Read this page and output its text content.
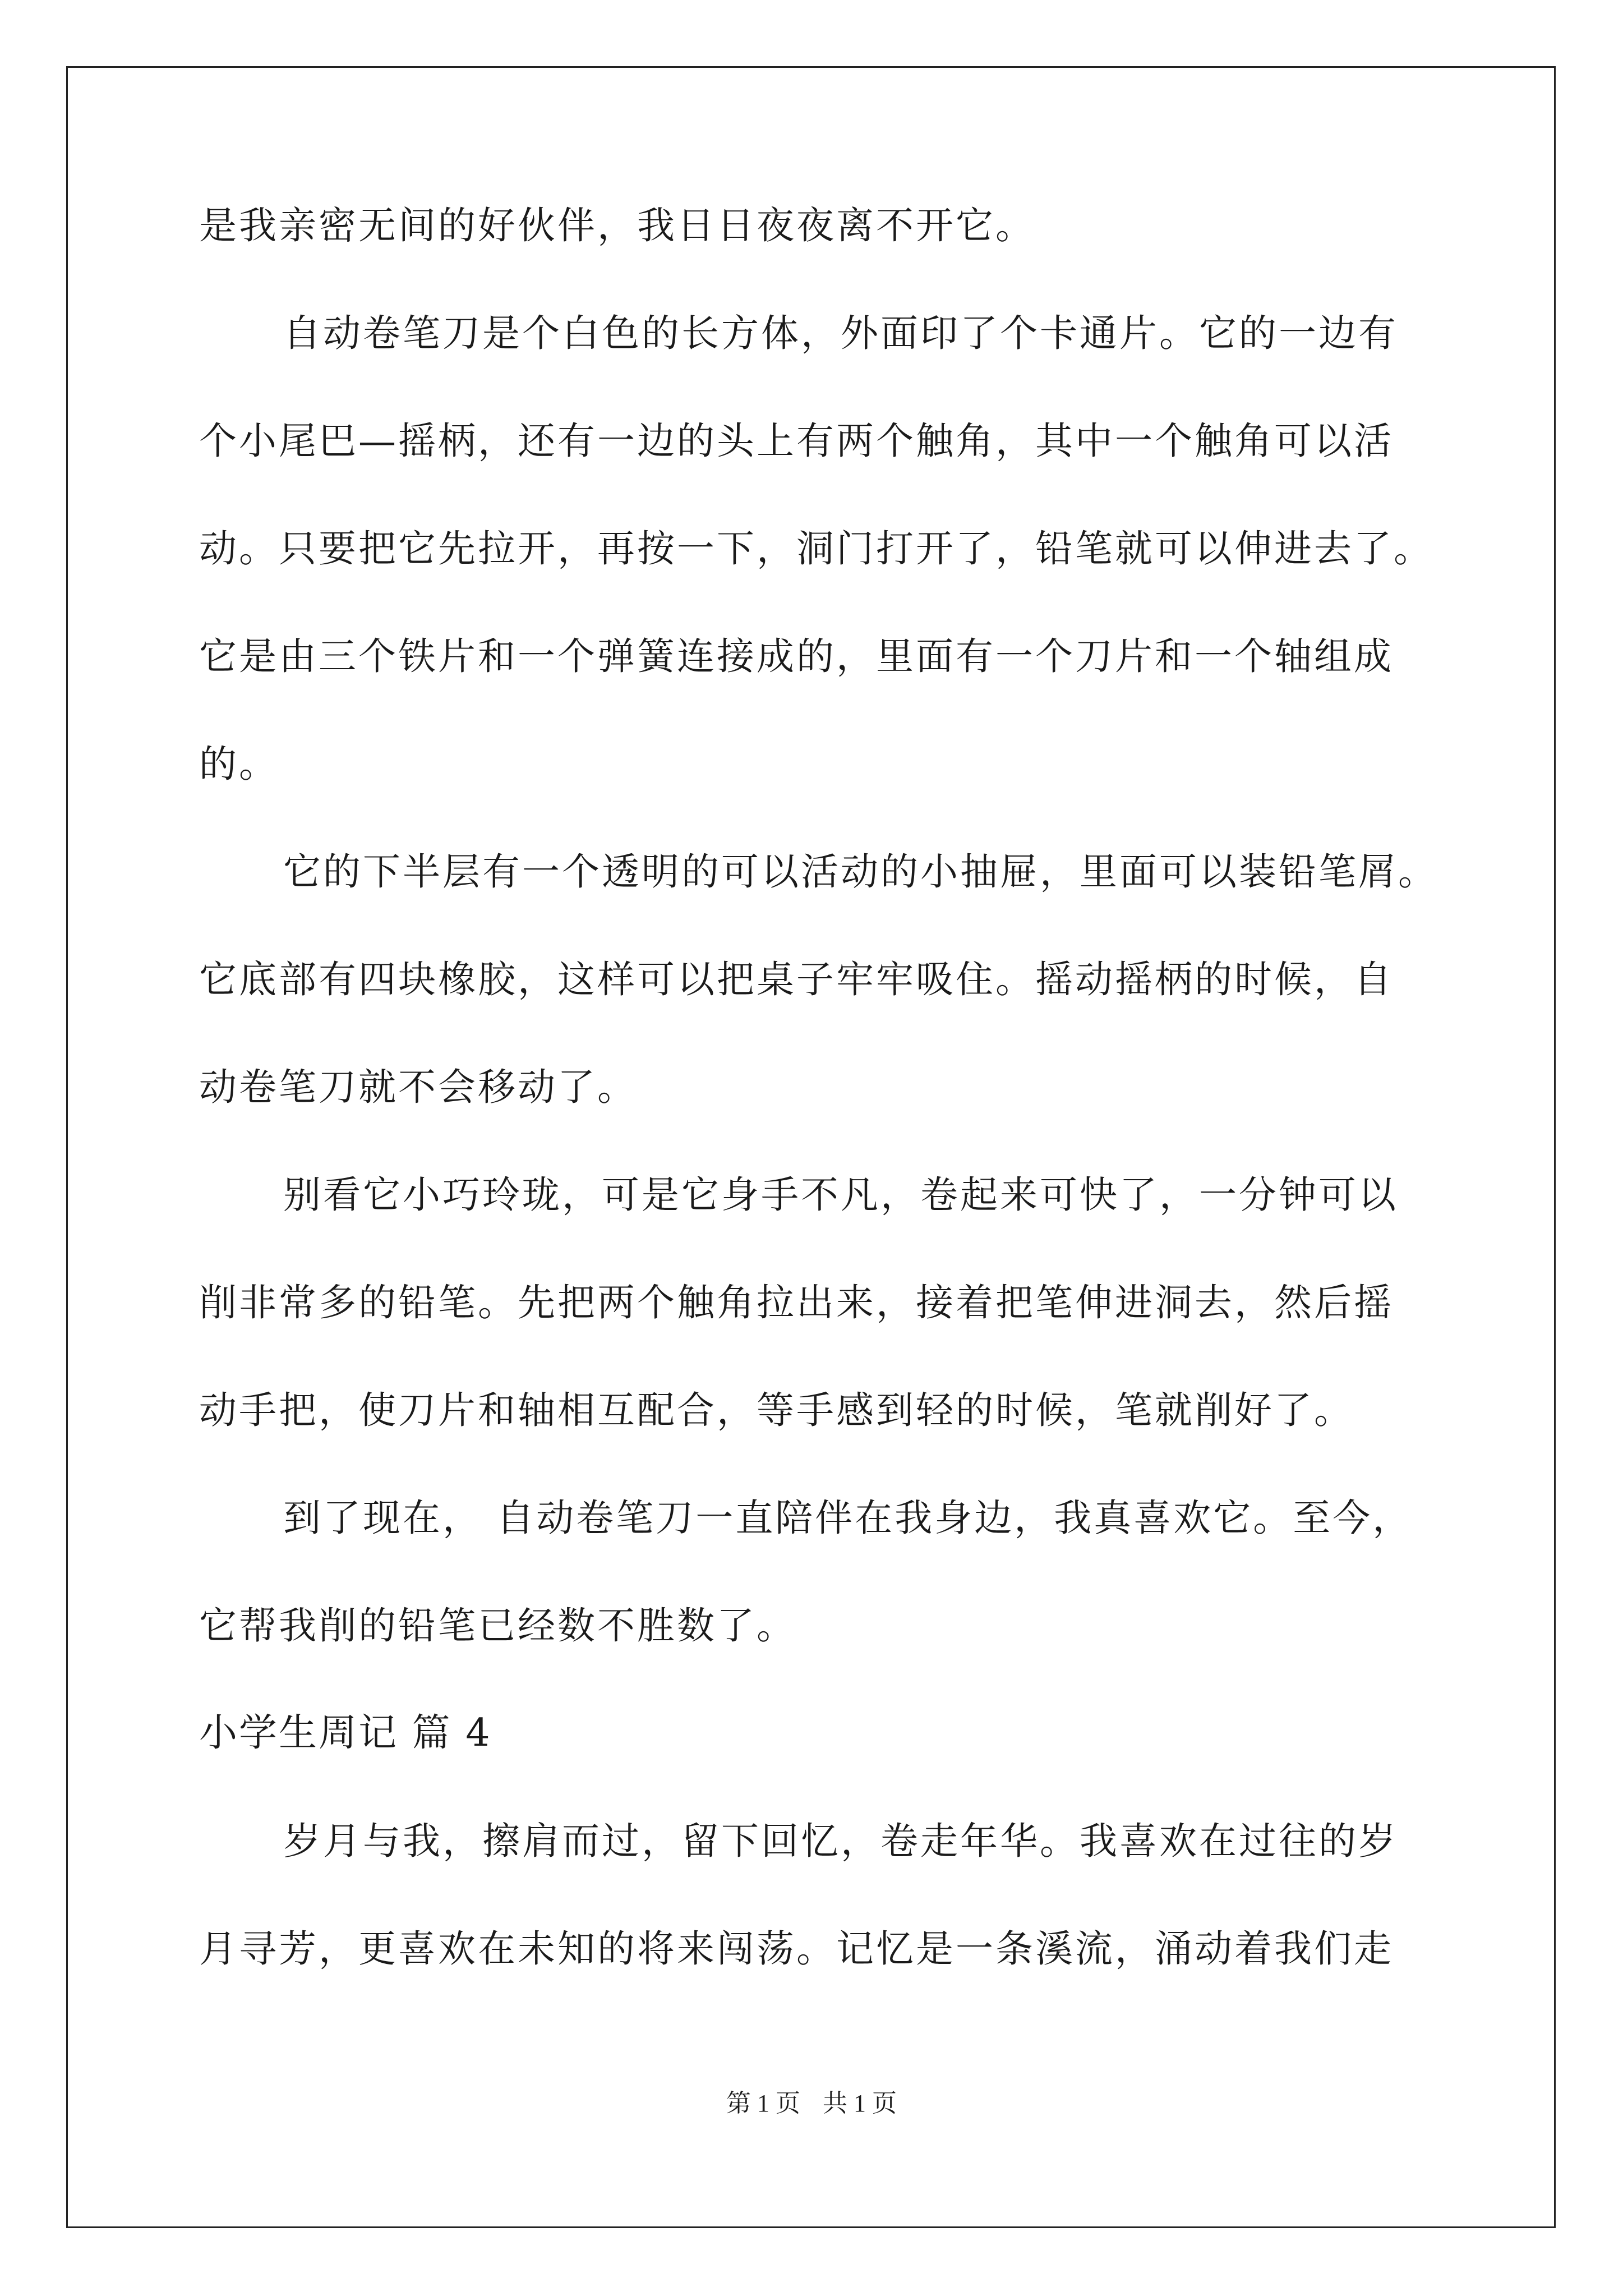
是我亲密无间的好伙伴，我日日夜夜离不开它。
自动卷笔刀是个白色的长方体，外面印了个卡通片。它的一边有
个小尾巴—摇柄，还有一边的头上有两个触角，其中一个触角可以活
动。只要把它先拉开，再按一下，洞门打开了，铅笔就可以伸进去了。
它是由三个铁片和一个弹簧连接成的，里面有一个刀片和一个轴组成
的。
它的下半层有一个透明的可以活动的小抽屉，里面可以装铅笔屑。
它底部有四块橡胶，这样可以把桌子牢牢吸住。摇动摇柄的时候，自
动卷笔刀就不会移动了。
别看它小巧玲珑，可是它身手不凡，卷起来可快了，一分钟可以
削非常多的铅笔。先把两个触角拉出来，接着把笔伸进洞去，然后摇
动手把，使刀片和轴相互配合，等手感到轻的时候，笔就削好了。
到了现在， 自动卷笔刀一直陪伴在我身边，我真喜欢它。至今，
它帮我削的铅笔已经数不胜数了。
小学生周记 篇 4
岁月与我，擦肩而过，留下回忆，卷走年华。我喜欢在过往的岁
月寻芳，更喜欢在未知的将来闯荡。记忆是一条溪流，涌动着我们走
第 1 页 共 1 页
